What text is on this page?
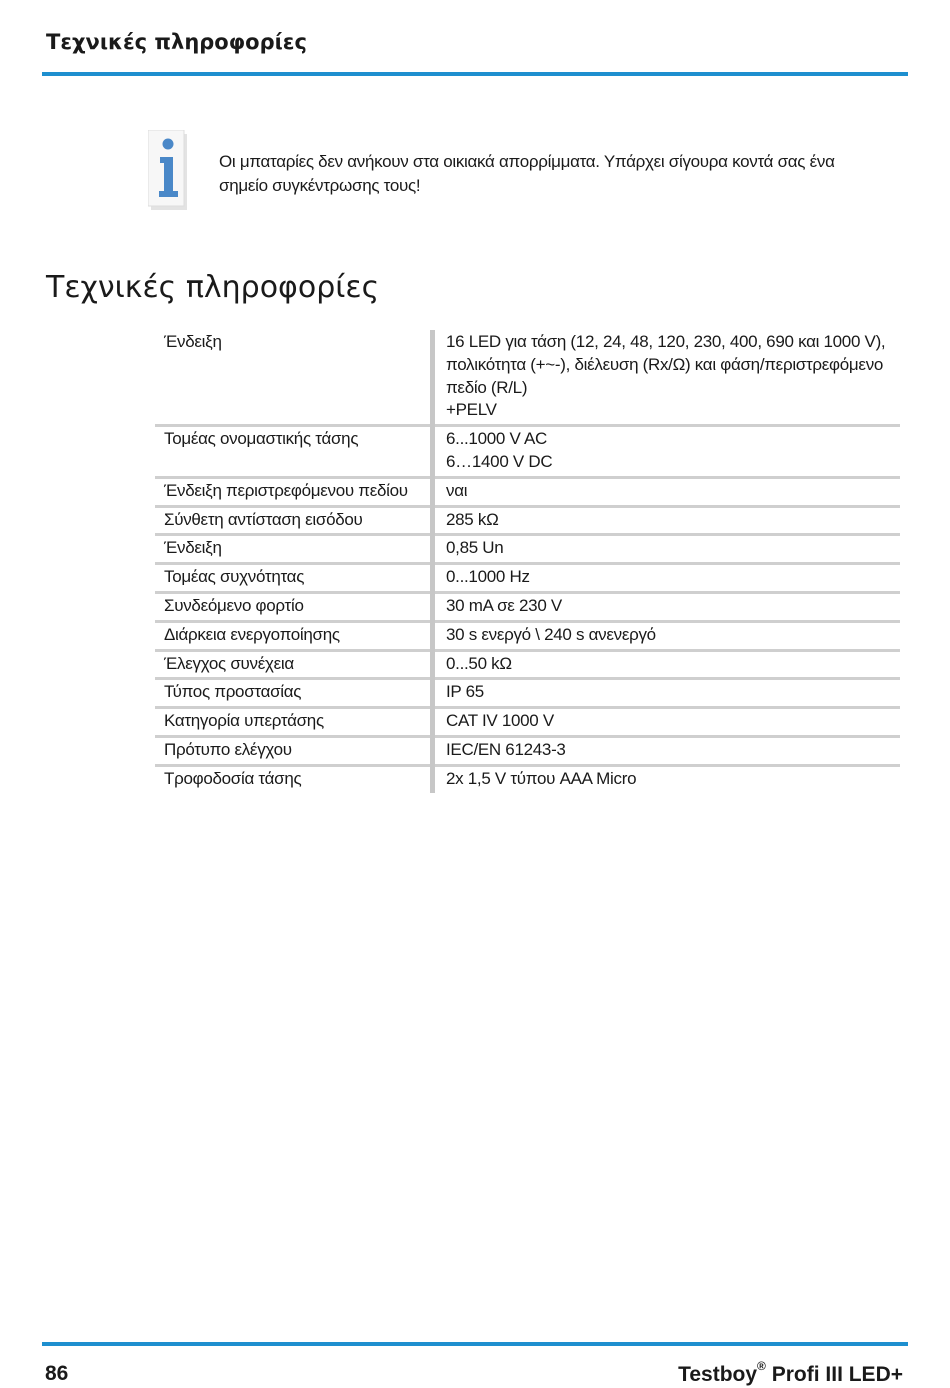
Τεχνικές πληροφορίες
Οι μπαταρίες δεν ανήκουν στα οικιακά απορρίμματα. Υπάρχει σίγουρα κοντά σας ένα σημείο συγκέντρωσης τους!
Τεχνικές πληροφορίες
Ένδειξη	16 LED για τάση (12, 24, 48, 120, 230, 400, 690 και 1000 V),
πολικότητα (+~-), διέλευση (Rx/Ω) και φάση/περιστρεφόμενο
πεδίο (R/L)
+PELV

Τομέας ονομαστικής τάσης	6...1000 V AC
6…1400 V DC

Ένδειξη περιστρεφόμενου πεδίου	ναι

Σύνθετη αντίσταση εισόδου	285 kΩ

Ένδειξη	0,85 Un

Τομέας συχνότητας	0...1000 Hz

Συνδεόμενο φορτίο	30 mA σε 230 V

Διάρκεια ενεργοποίησης	30 s ενεργό \ 240 s ανενεργό

Έλεγχος συνέχεια	0...50 kΩ

Τύπος προστασίας	IP 65

Κατηγορία υπερτάσης	CAT IV 1000 V

Πρότυπο ελέγχου	IEC/EN 61243-3

Τροφοδοσία τάσης	2x 1,5 V τύπου AAA Micro
86	Testboy® Profi III LED+
